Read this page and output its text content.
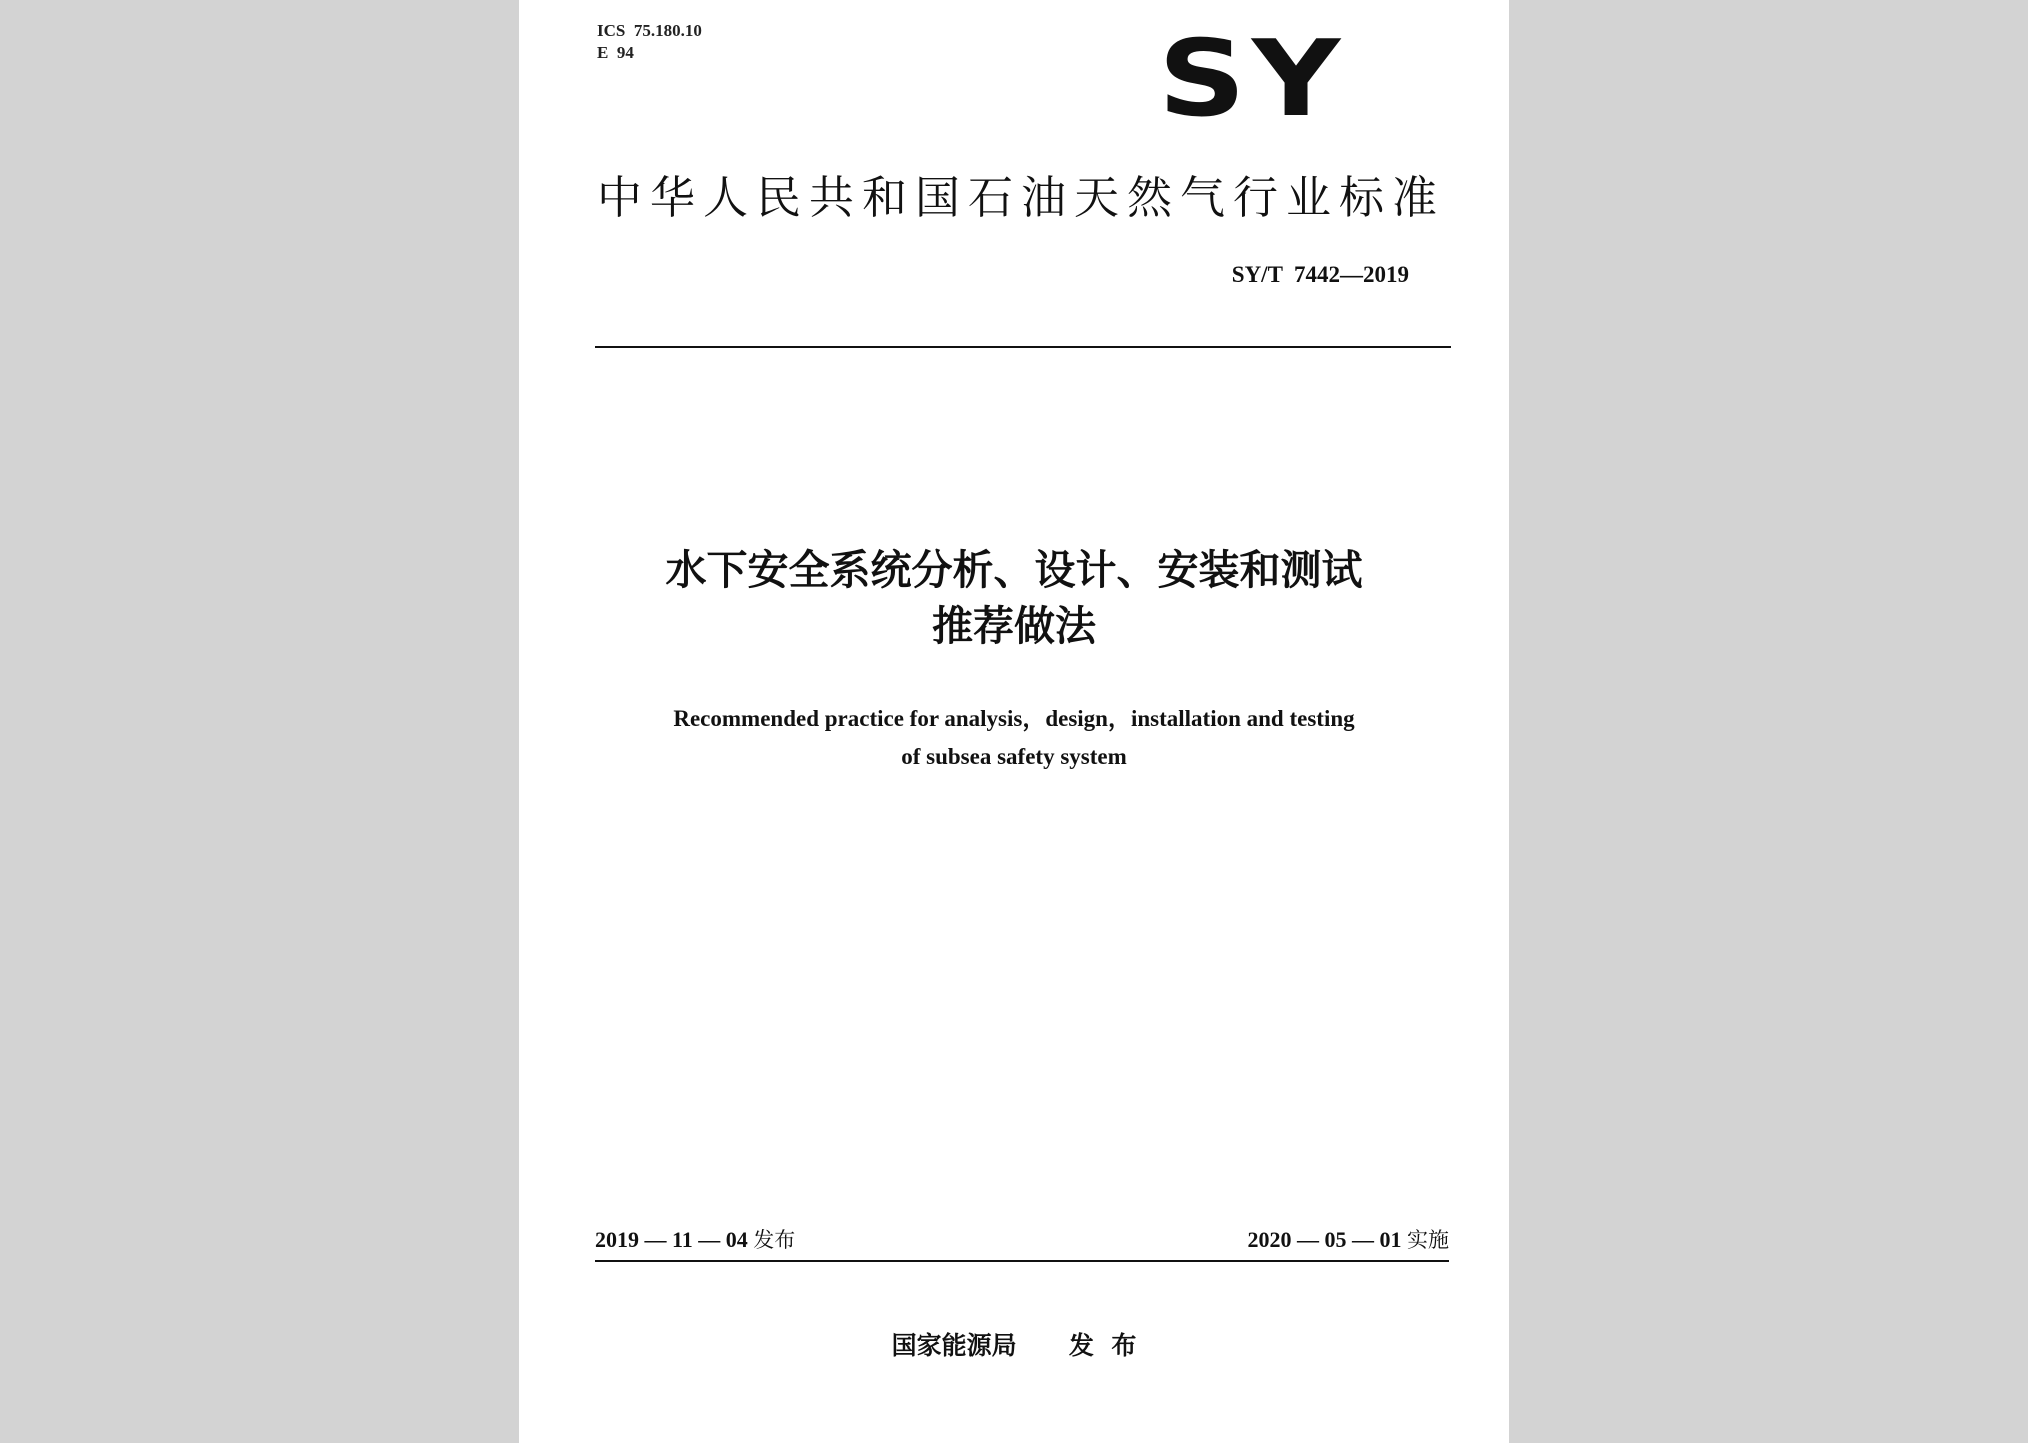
ICS  75.180.10
E  94	SY
中华人民共和国石油天然气行业标准
SY/T  7442—2019
水下安全系统分析、设计、安装和测试
推荐做法
Recommended practice for analysis，design，installation and testing
of subsea safety system
2019 — 11 — 04 发布	2020 — 05 — 01 实施
国家能源局 发  布
